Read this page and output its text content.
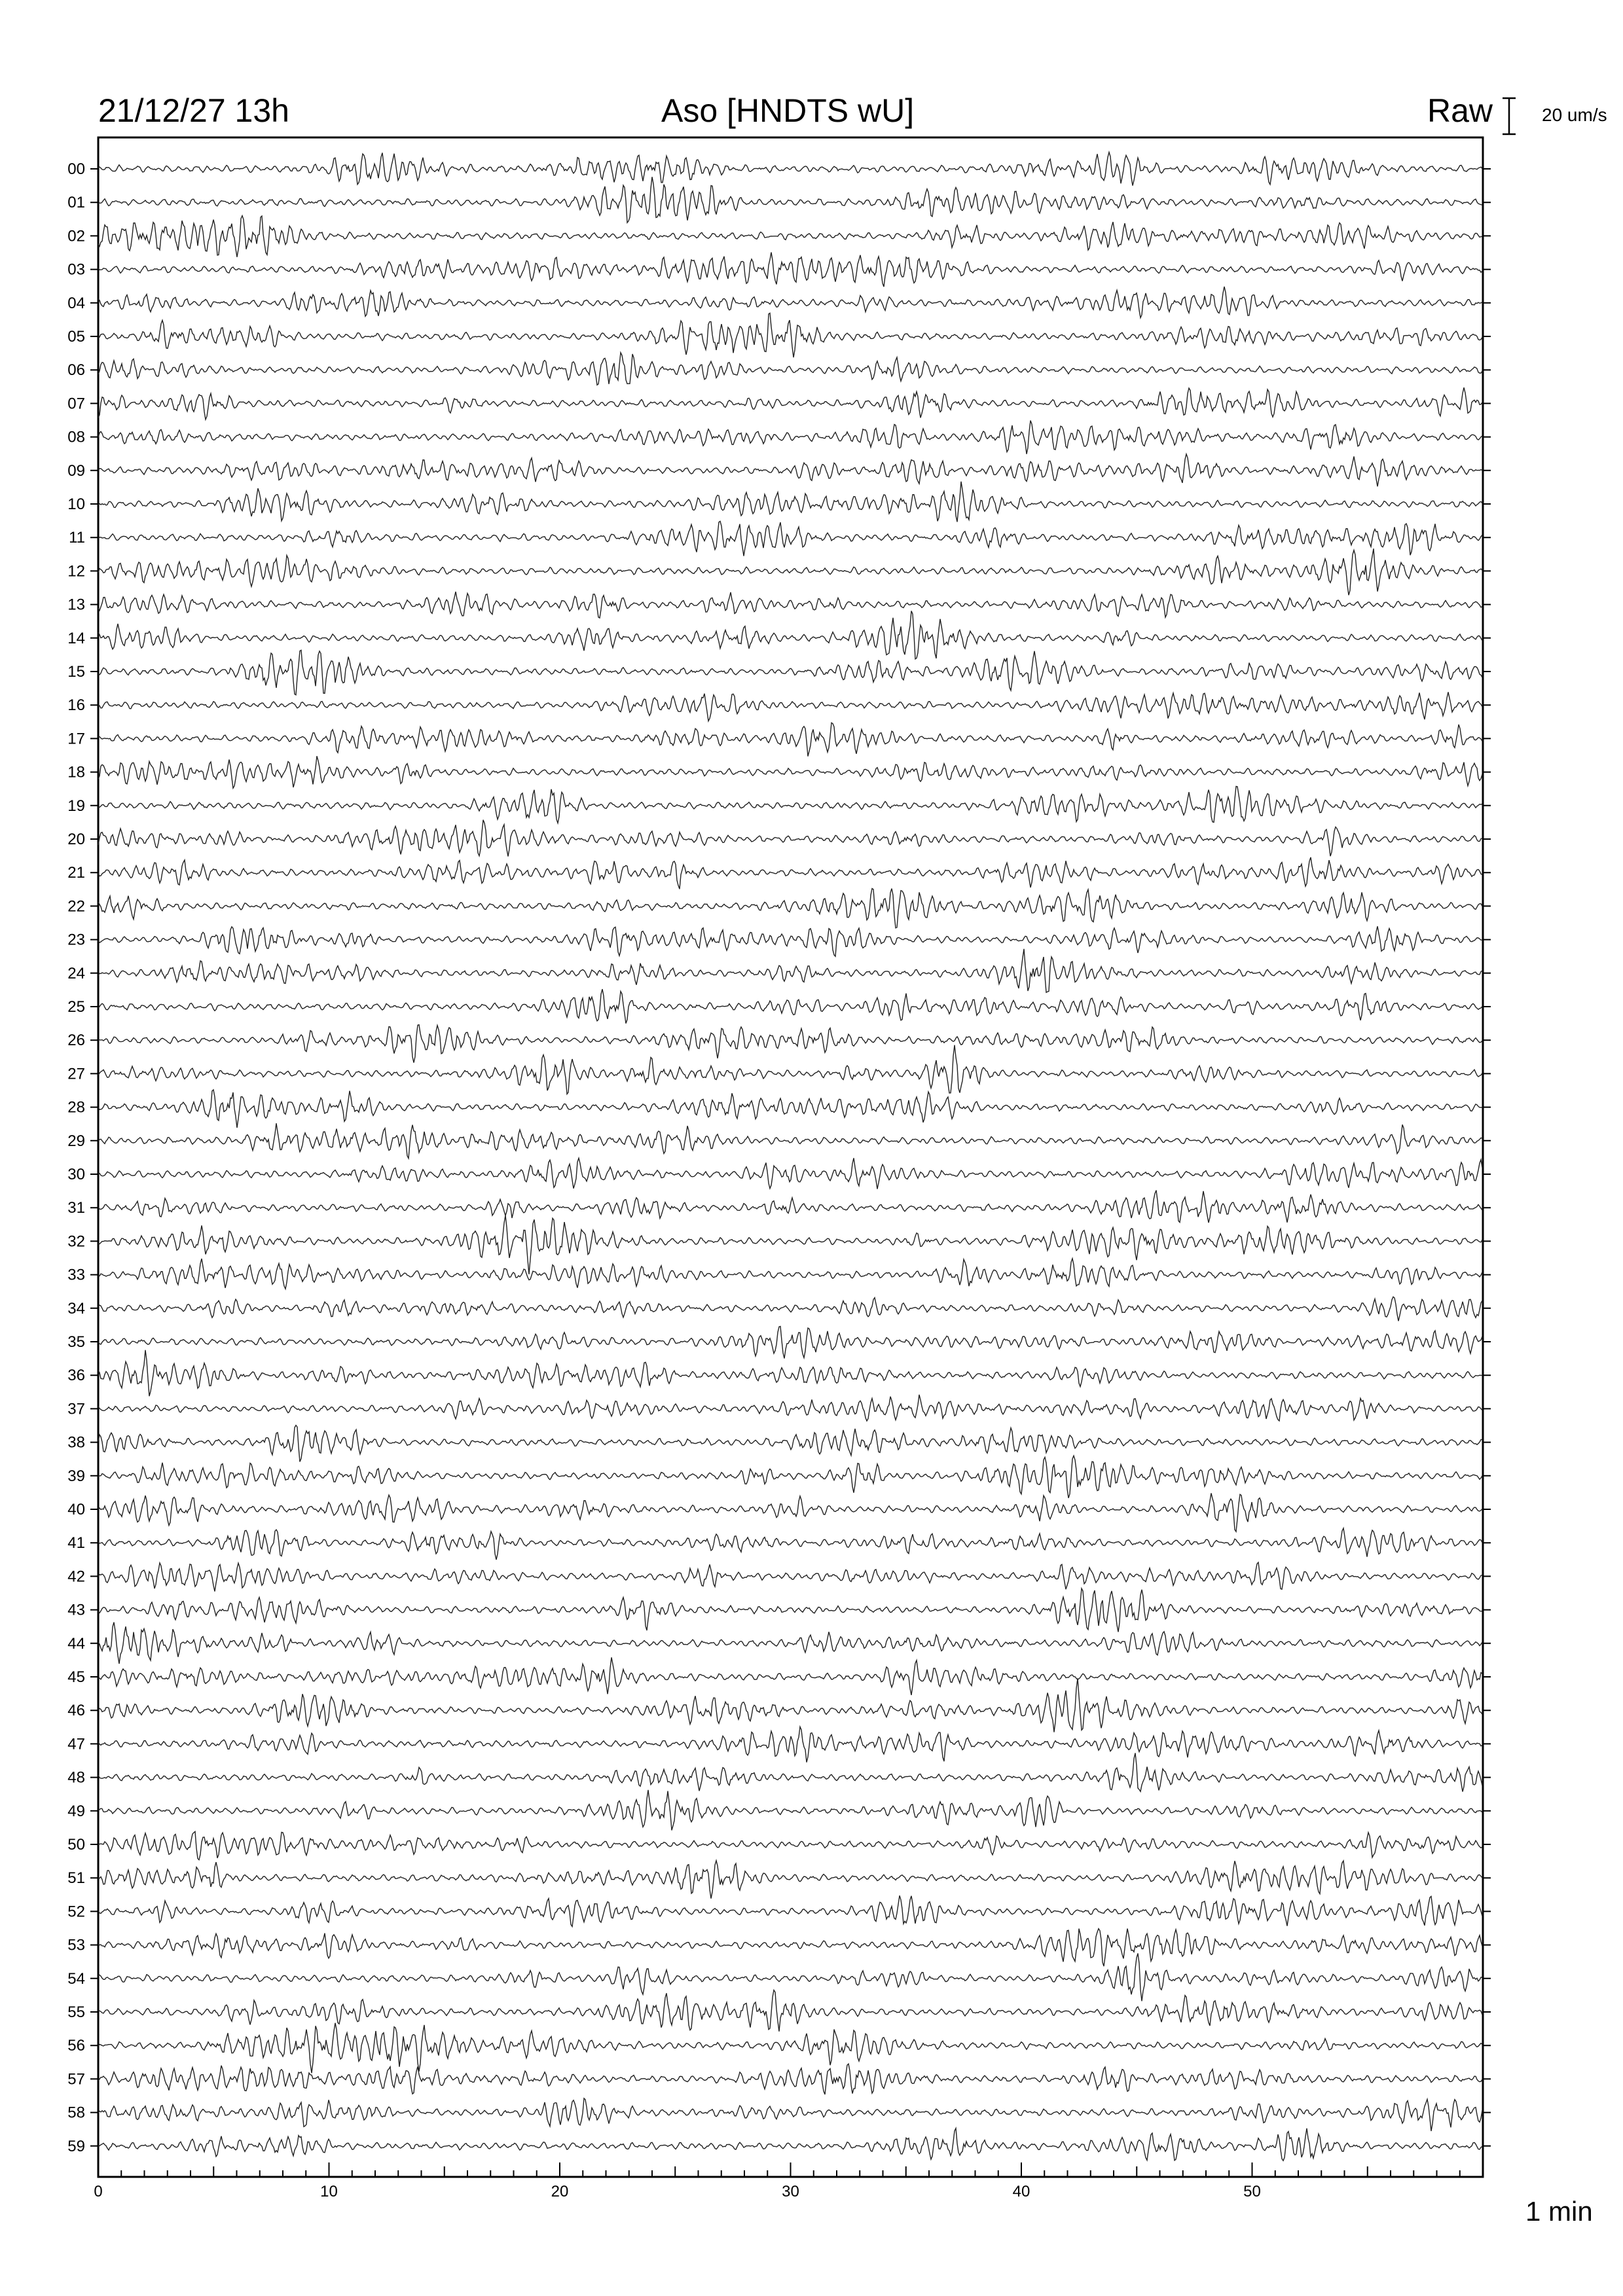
21/12/27 13h	Aso [HNDTS wU]	Raw	20 um/s
1 min
00
01
02
03
04
05
06
07
08
09
10
11
12
13
14
15
16
17
18
19
20
21
22
23
24
25
26
27
28
29
30
31
32
33
34
35
36
37
38
39
40
41
42
43
44
45
46
47
48
49
50
51
52
53
54
55
56
57
58
59
0	10	20	30	40	50
